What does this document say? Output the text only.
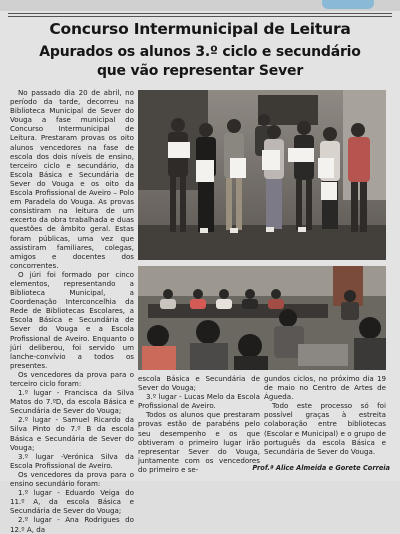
Concurso Intermunicipal de Leitura
Apurados os alunos 3.º ciclo e secundário
que vão representar Sever

No passado dia 20 de abril, no período da tarde, decorreu na Biblioteca Municipal de Sever do Vouga a fase municipal do Concurso Intermunicipal de Leitura. Prestaram provas os oito alunos vencedores na fase de escola dos dois níveis de ensino, terceiro ciclo e secundário, da Escola Básica e Secundária de Sever do Vouga e os oito da Escola Profissional de Aveiro – Polo em Paradela do Vouga. As provas consistiram na leitura de um excerto da obra trabalhada e duas questões de âmbito geral. Estas foram públicas, uma vez que assistiram familiares, colegas, amigos e docentes dos concorrentes.

O júri foi formado por cinco elementos, representando a Biblioteca Municipal, a Coordenação Interconcelhia da Rede de Bibliotecas Escolares, a Escola Básica e Secundária de Sever do Vouga e a Escola Profissional de Aveiro. Enquanto o júri deliberou, foi servido um lanche-convívio a todos os presentes.

Os vencedores da prova para o terceiro ciclo foram:

1.º lugar - Francisca da Silva Matos do 7.ºD, da escola Básica e Secundária de Sever do Vouga;

2.º lugar - Samuel Ricardo da Silva Pinto do 7.º B da escola Básica e Secundária de Sever do Vouga;

3.º lugar -Verónica Silva da Escola Profissional de Aveiro.

Os vencedores da prova para o ensino secundário foram:

1.º lugar - Eduardo Veiga do 11.º A, da escola Básica e Secundária de Sever do Vouga;

2.º lugar - Ana Rodrigues do 12.º A, da

escola Básica e Secundária de Sever do Vouga;

3.º lugar - Lucas Melo da Escola Profissional de Aveiro.

Todos os alunos que prestaram provas estão de parabéns pelo seu desempenho e os que obtiveram o primeiro lugar irão representar Sever do Vouga, juntamente com os vencedores do primeiro e se-

gundos ciclos, no próximo dia 19 de maio no Centro de Artes de Águeda.

Todo este processo só foi possível graças à estreita colaboração entre bibliotecas (Escolar e Municipal) e o grupo de português da escola Básica e Secundária de Sever do Vouga.

Prof.ª Alice Almeida e Gorete Correia
